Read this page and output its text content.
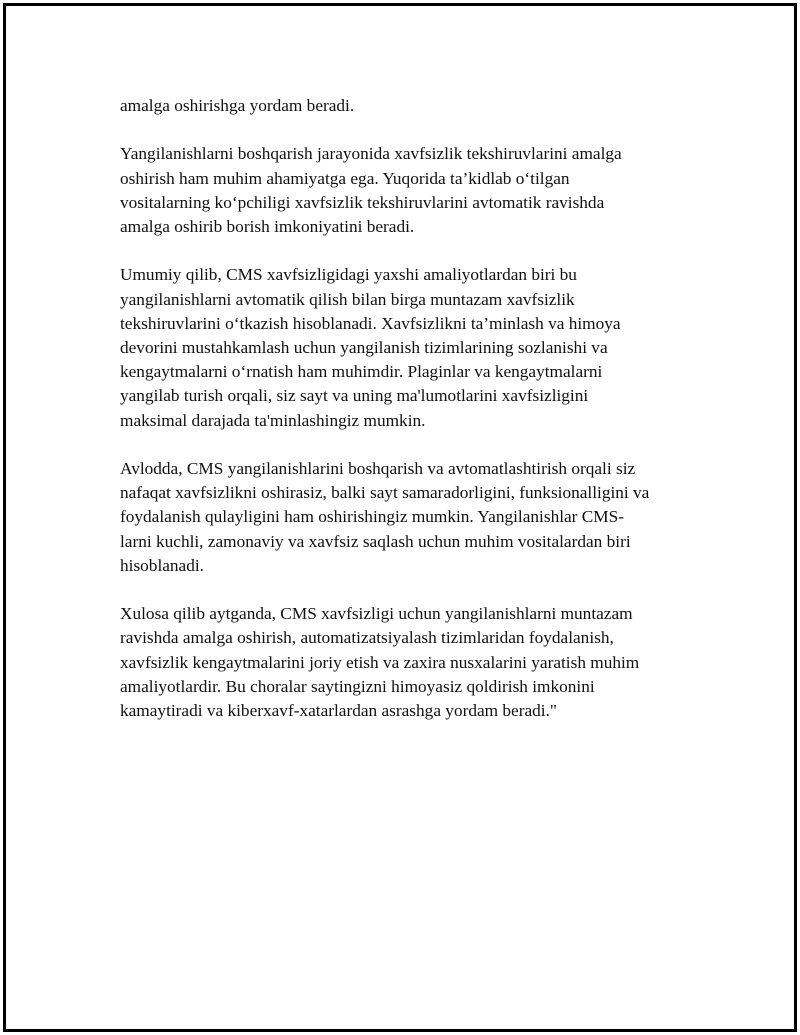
amalga oshirishga yordam beradi.

Yangilanishlarni boshqarish jarayonida xavfsizlik tekshiruvlarini amalga
oshirish ham muhim ahamiyatga ega. Yuqorida ta’kidlab o‘tilgan
vositalarning ko‘pchiligi xavfsizlik tekshiruvlarini avtomatik ravishda
amalga oshirib borish imkoniyatini beradi.

Umumiy qilib, CMS xavfsizligidagi yaxshi amaliyotlardan biri bu
yangilanishlarni avtomatik qilish bilan birga muntazam xavfsizlik
tekshiruvlarini o‘tkazish hisoblanadi. Xavfsizlikni ta’minlash va himoya
devorini mustahkamlash uchun yangilanish tizimlarining sozlanishi va
kengaytmalarni o‘rnatish ham muhimdir. Plaginlar va kengaytmalarni
yangilab turish orqali, siz sayt va uning ma'lumotlarini xavfsizligini
maksimal darajada ta'minlashingiz mumkin.

Avlodda, CMS yangilanishlarini boshqarish va avtomatlashtirish orqali siz
nafaqat xavfsizlikni oshirasiz, balki sayt samaradorligini, funksionalligini va
foydalanish qulayligini ham oshirishingiz mumkin. Yangilanishlar CMS-
larni kuchli, zamonaviy va xavfsiz saqlash uchun muhim vositalardan biri
hisoblanadi.

Xulosa qilib aytganda, CMS xavfsizligi uchun yangilanishlarni muntazam
ravishda amalga oshirish, automatizatsiyalash tizimlaridan foydalanish,
xavfsizlik kengaytmalarini joriy etish va zaxira nusxalarini yaratish muhim
amaliyotlardir. Bu choralar saytingizni himoyasiz qoldirish imkonini
kamaytiradi va kiberxavf-xatarlardan asrashga yordam beradi."
